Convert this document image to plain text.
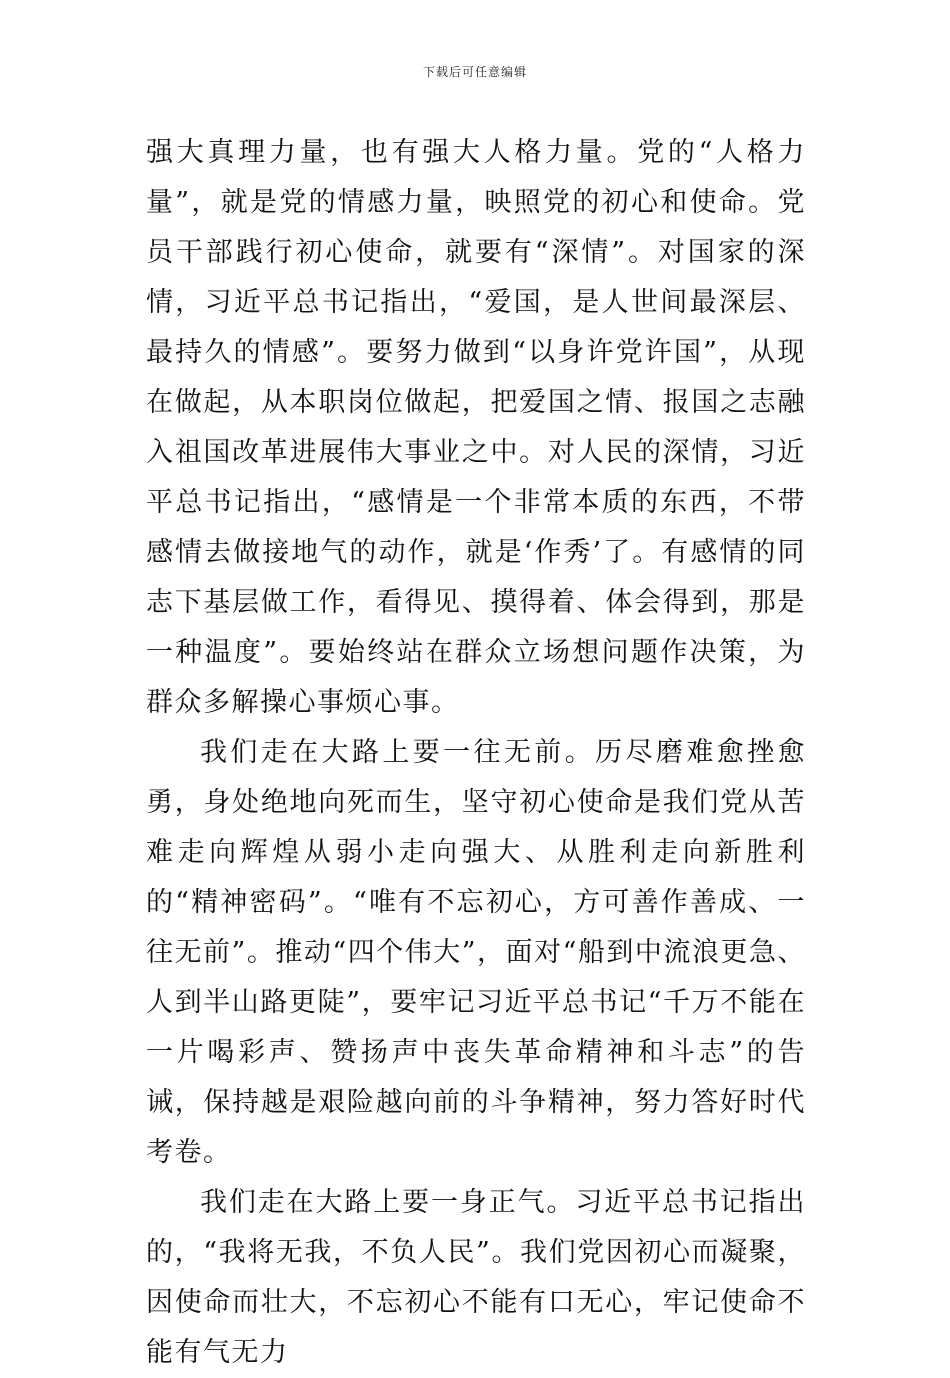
下载后可任意编辑

强大真理力量，也有强大人格力量。党的“人格力量”，就是党的情感力量，映照党的初心和使命。党员干部践行初心使命，就要有“深情”。对国家的深情，习近平总书记指出，“爱国，是人世间最深层、最持久的情感”。要努力做到“以身许党许国”，从现在做起，从本职岗位做起，把爱国之情、报国之志融入祖国改革进展伟大事业之中。对人民的深情，习近平总书记指出，“感情是一个非常本质的东西，不带感情去做接地气的动作，就是‘作秀’了。有感情的同志下基层做工作，看得见、摸得着、体会得到，那是一种温度”。要始终站在群众立场想问题作决策，为群众多解操心事烦心事。

我们走在大路上要一往无前。历尽磨难愈挫愈勇，身处绝地向死而生，坚守初心使命是我们党从苦难走向辉煌从弱小走向强大、从胜利走向新胜利的“精神密码”。“唯有不忘初心，方可善作善成、一往无前”。推动“四个伟大”，面对“船到中流浪更急、人到半山路更陡”，要牢记习近平总书记“千万不能在一片喝彩声、赞扬声中丧失革命精神和斗志”的告诫，保持越是艰险越向前的斗争精神，努力答好时代考卷。

我们走在大路上要一身正气。习近平总书记指出的，“我将无我，不负人民”。我们党因初心而凝聚，因使命而壮大，不忘初心不能有口无心，牢记使命不能有气无力
